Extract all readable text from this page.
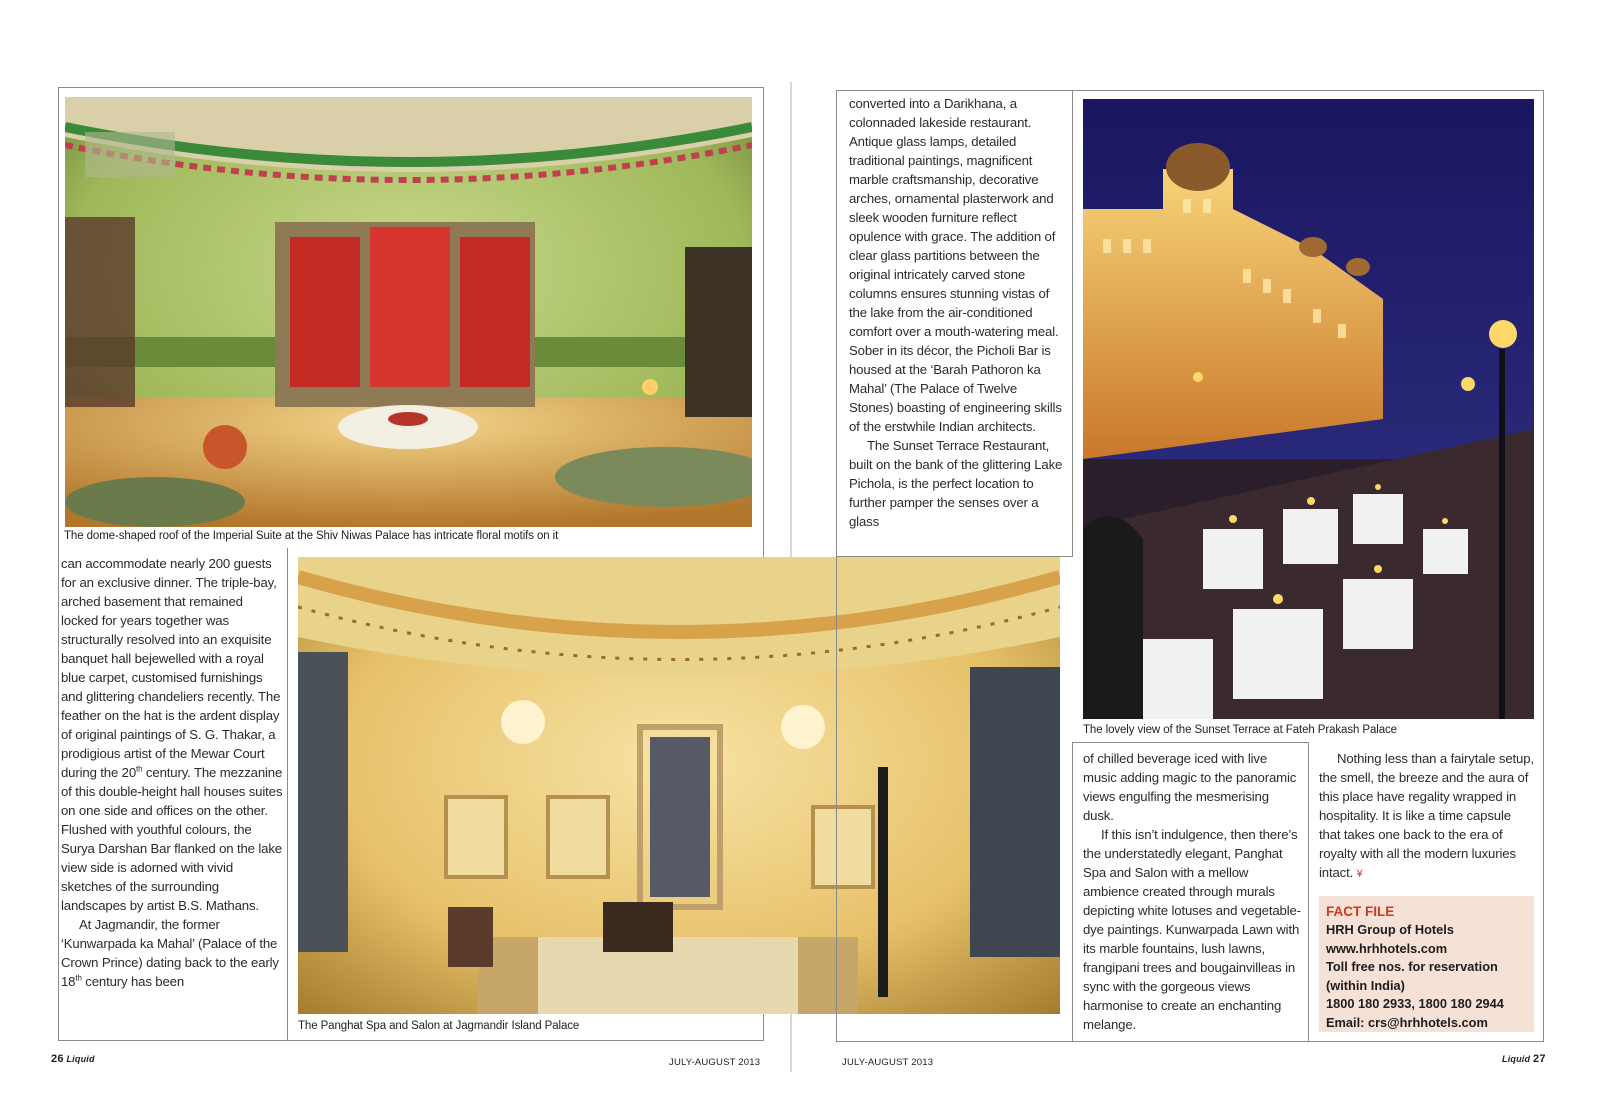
The dome-shaped roof of the Imperial Suite at the Shiv Niwas Palace has intricate floral motifs on it

can accommodate nearly 200 guests for an exclusive dinner. The triple-bay, arched basement that remained locked for years together was structurally resolved into an exquisite banquet hall bejewelled with a royal blue carpet, customised furnishings and glittering chandeliers recently. The feather on the hat is the ardent display of original paintings of S. G. Thakar, a prodigious artist of the Mewar Court during the 20th century. The mezzanine of this double-height hall houses suites on one side and offices on the other. Flushed with youthful colours, the Surya Darshan Bar flanked on the lake view side is adorned with vivid sketches of the surrounding landscapes by artist B.S. Mathans.

At Jagmandir, the former ‘Kunwarpada ka Mahal’ (Palace of the Crown Prince) dating back to the early 18th century has been

The Panghat Spa and Salon at Jagmandir Island Palace
26 Liquid	JULY-AUGUST 2013

converted into a Darikhana, a colonnaded lakeside restaurant. Antique glass lamps, detailed traditional paintings, magnificent marble craftsmanship, decorative arches, ornamental plasterwork and sleek wooden furniture reflect opulence with grace. The addition of clear glass partitions between the original intricately carved stone columns ensures stunning vistas of the lake from the air-conditioned comfort over a mouth-watering meal. Sober in its décor, the Picholi Bar is housed at the ‘Barah Pathoron ka Mahal’ (The Palace of Twelve Stones) boasting of engineering skills of the erstwhile Indian architects.

The Sunset Terrace Restaurant, built on the bank of the glittering Lake Pichola, is the perfect location to further pamper the senses over a glass

The lovely view of the Sunset Terrace at Fateh Prakash Palace

of chilled beverage iced with live music adding magic to the panoramic views engulfing the mesmerising dusk.

If this isn’t indulgence, then there’s the understatedly elegant, Panghat Spa and Salon with a mellow ambience created through murals depicting white lotuses and vegetable-dye paintings. Kunwarpada Lawn with its marble fountains, lush lawns, frangipani trees and bougainvilleas in sync with the gorgeous views harmonise to create an enchanting melange.

Nothing less than a fairytale setup, the smell, the breeze and the aura of this place have regality wrapped in hospitality. It is like a time capsule that takes one back to the era of royalty with all the modern luxuries intact. ¥

FACT FILE
HRH Group of Hotels
www.hrhhotels.com
Toll free nos. for reservation
(within India)
1800 180 2933, 1800 180 2944
Email: crs@hrhhotels.com
JULY-AUGUST 2013	Liquid 27
